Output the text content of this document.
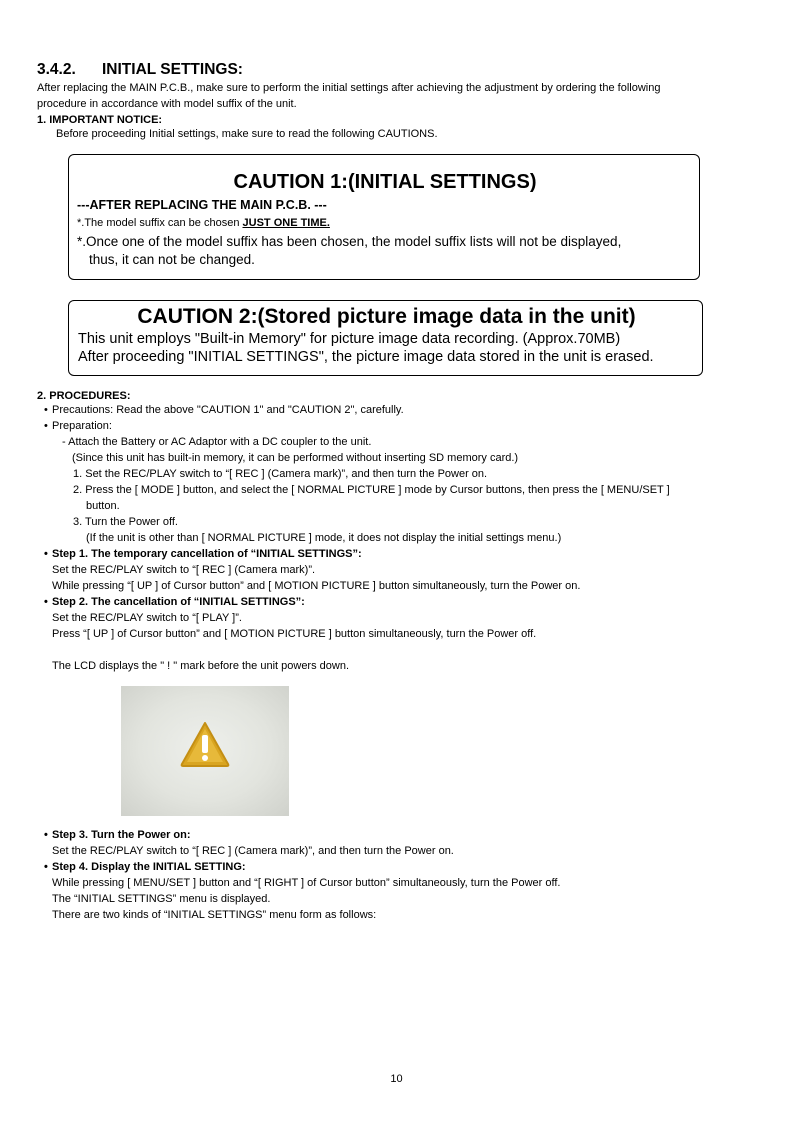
3.4.2. INITIAL SETTINGS:
After replacing the MAIN P.C.B., make sure to perform the initial settings after achieving the adjustment by ordering the following
procedure in accordance with model suffix of the unit.
1. IMPORTANT NOTICE:
Before proceeding Initial settings, make sure to read the following CAUTIONS.
CAUTION 1:(INITIAL SETTINGS)
---AFTER REPLACING THE MAIN P.C.B. ---
*.The model suffix can be chosen JUST ONE TIME.
*.Once one of the model suffix has been chosen, the model suffix lists will not be displayed,
thus, it can not be changed.
CAUTION 2:(Stored picture image data in the unit)
This unit employs "Built-in Memory" for picture image data recording. (Approx.70MB)
After proceeding "INITIAL SETTINGS", the picture image data stored in the unit is erased.
2. PROCEDURES:
• Precautions: Read the above "CAUTION 1" and "CAUTION 2", carefully.
• Preparation:
- Attach the Battery or AC Adaptor with a DC coupler to the unit.
(Since this unit has built-in memory, it can be performed without inserting SD memory card.)
1. Set the REC/PLAY switch to “[ REC ] (Camera mark)”, and then turn the Power on.
2. Press the [ MODE ] button, and select the [ NORMAL PICTURE ] mode by Cursor buttons, then press the [ MENU/SET ]
button.
3. Turn the Power off.
(If the unit is other than [ NORMAL PICTURE ] mode, it does not display the initial settings menu.)
• Step 1. The temporary cancellation of “INITIAL SETTINGS”:
Set the REC/PLAY switch to “[ REC ] (Camera mark)”.
While pressing “[ UP ] of Cursor button” and [ MOTION PICTURE ] button simultaneously, turn the Power on.
• Step 2. The cancellation of “INITIAL SETTINGS”:
Set the REC/PLAY switch to “[ PLAY ]”.
Press “[ UP ] of Cursor button” and [ MOTION PICTURE ] button simultaneously, turn the Power off.
The LCD displays the " ! " mark before the unit powers down.
• Step 3. Turn the Power on:
Set the REC/PLAY switch to “[ REC ] (Camera mark)”, and then turn the Power on.
• Step 4. Display the INITIAL SETTING:
While pressing [ MENU/SET ] button and “[ RIGHT ] of Cursor button” simultaneously, turn the Power off.
The “INITIAL SETTINGS” menu is displayed.
There are two kinds of “INITIAL SETTINGS” menu form as follows:
10
